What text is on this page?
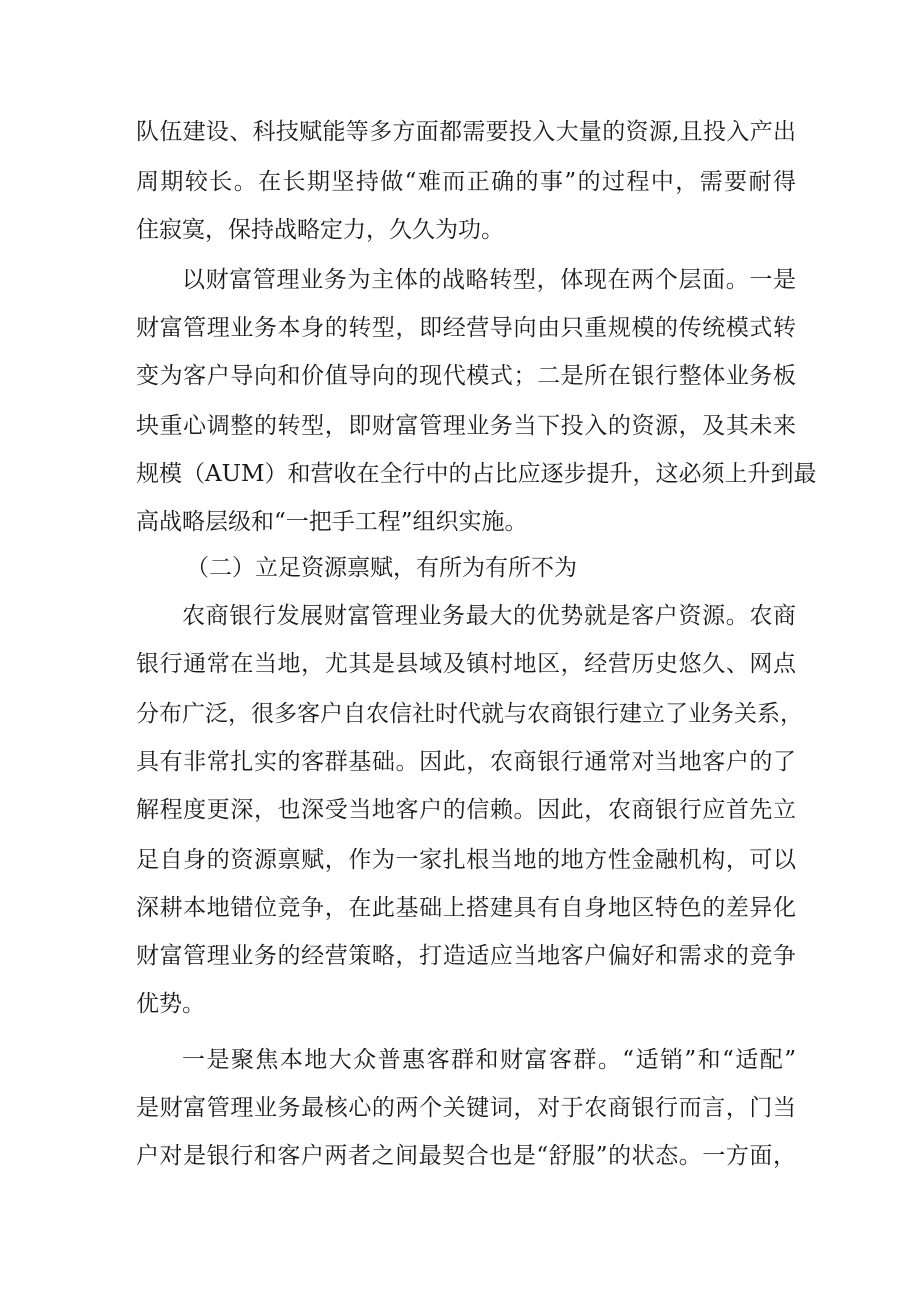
队伍建设、科技赋能等多方面都需要投入大量的资源,且投入产出
周期较长。在长期坚持做“难而正确的事”的过程中，需要耐得
住寂寞，保持战略定力，久久为功。
以财富管理业务为主体的战略转型，体现在两个层面。一是
财富管理业务本身的转型，即经营导向由只重规模的传统模式转
变为客户导向和价值导向的现代模式；二是所在银行整体业务板
块重心调整的转型，即财富管理业务当下投入的资源，及其未来
规模（AUM）和营收在全行中的占比应逐步提升，这必须上升到最
高战略层级和“一把手工程”组织实施。
（二）立足资源禀赋，有所为有所不为
农商银行发展财富管理业务最大的优势就是客户资源。农商
银行通常在当地，尤其是县域及镇村地区，经营历史悠久、网点
分布广泛，很多客户自农信社时代就与农商银行建立了业务关系，
具有非常扎实的客群基础。因此，农商银行通常对当地客户的了
解程度更深，也深受当地客户的信赖。因此，农商银行应首先立
足自身的资源禀赋，作为一家扎根当地的地方性金融机构，可以
深耕本地错位竞争，在此基础上搭建具有自身地区特色的差异化
财富管理业务的经营策略，打造适应当地客户偏好和需求的竞争
优势。
一是聚焦本地大众普惠客群和财富客群。“适销”和“适配”
是财富管理业务最核心的两个关键词，对于农商银行而言，门当
户对是银行和客户两者之间最契合也是“舒服”的状态。一方面，
